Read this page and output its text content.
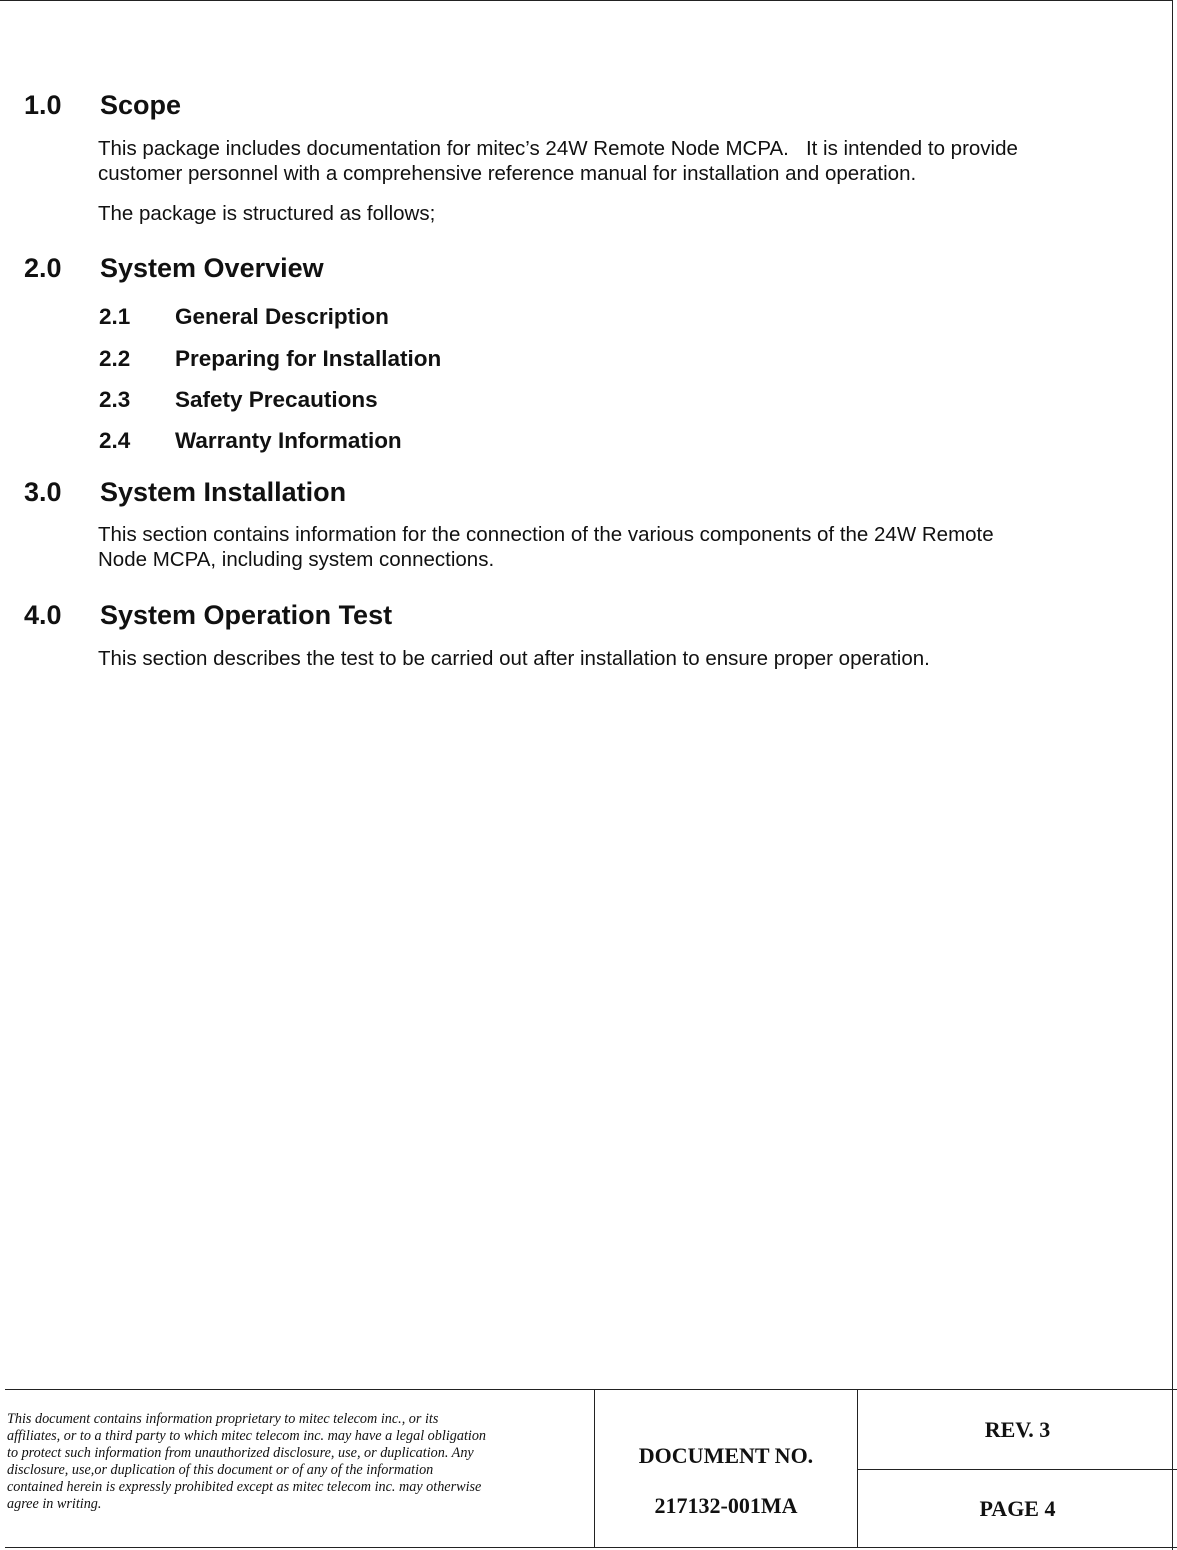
1.0 Scope
This package includes documentation for mitec’s 24W Remote Node MCPA.   It is intended to provide
customer personnel with a comprehensive reference manual for installation and operation.
The package is structured as follows;
2.0 System Overview
2.1 General Description
2.2 Preparing for Installation
2.3 Safety Precautions
2.4 Warranty Information
3.0 System Installation
This section contains information for the connection of the various components of the 24W Remote
Node MCPA, including system connections.
4.0 System Operation Test
This section describes the test to be carried out after installation to ensure proper operation.
This document contains information proprietary to mitec telecom inc., or its
affiliates, or to a third party to which mitec telecom inc. may have a legal obligation
to protect such information from unauthorized disclosure, use, or duplication. Any
disclosure, use,or duplication of this document or of any of the information
contained herein is expressly prohibited except as mitec telecom inc. may otherwise
agree in writing.
DOCUMENT NO.
217132-001MA
REV. 3
PAGE 4
